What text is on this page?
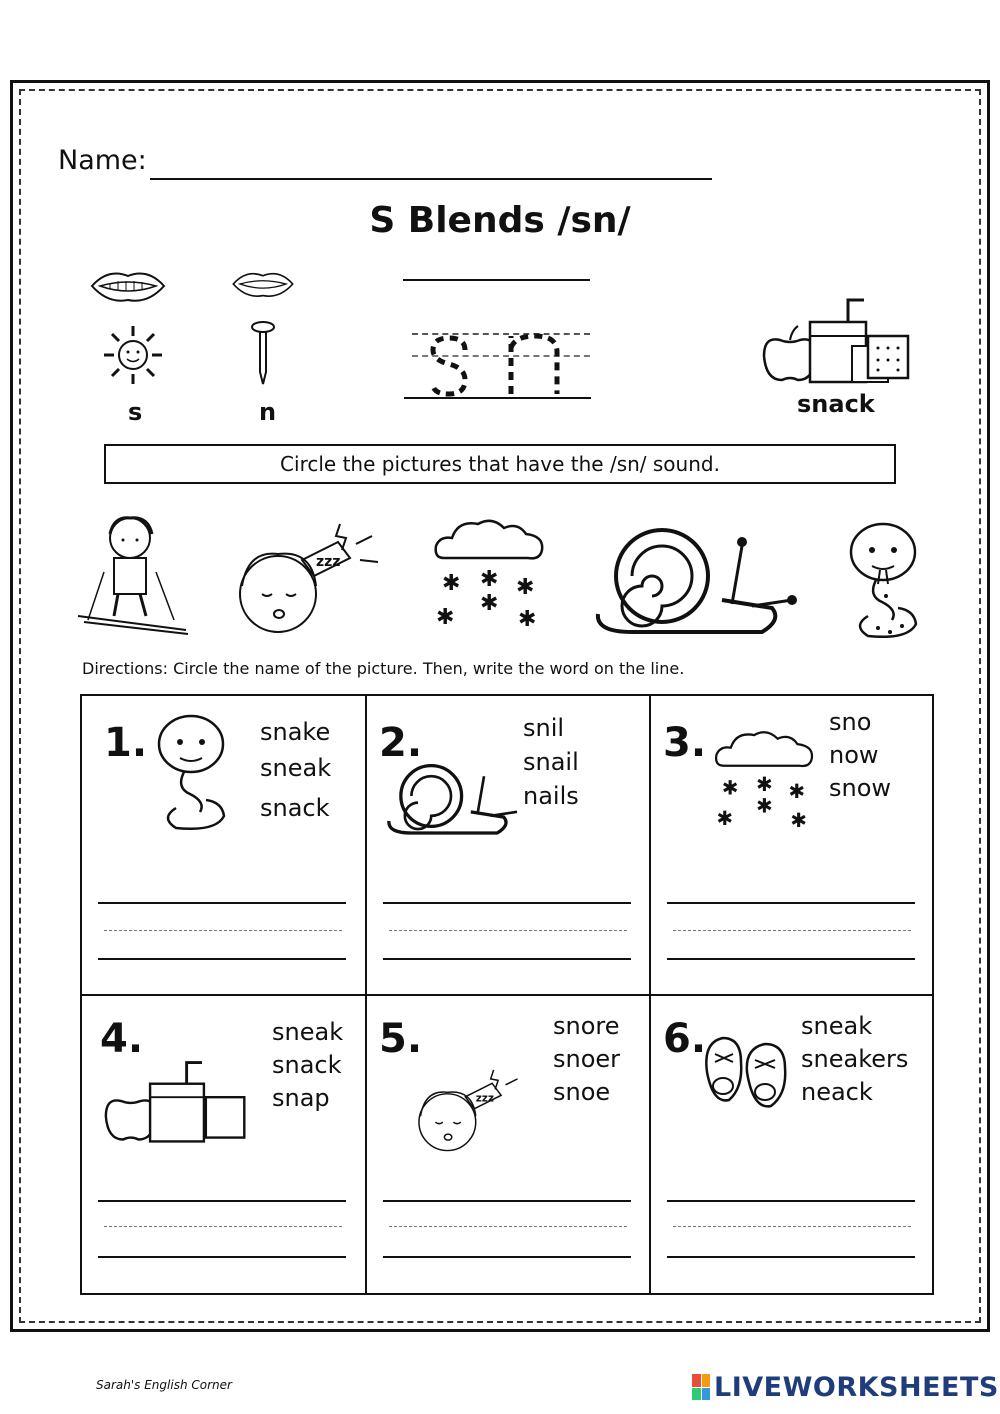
Name:
S Blends /sn/
s	n	snack
Circle the pictures that have the /sn/ sound.
zzz
✱ ✱ ✱
✱
✱
✱
Directions: Circle the name of the picture. Then, write the word on the line.
1.	snake
sneak
snack
2.	snil
snail
nails
3.
✱ ✱ ✱
✱
✱
✱
sno
now
snow
4.	sneak
snack
snap
5.
zzz
snore
snoer
snoe
6.	sneak
sneakers
neack
Sarah's English Corner	LIVEWORKSHEETS
